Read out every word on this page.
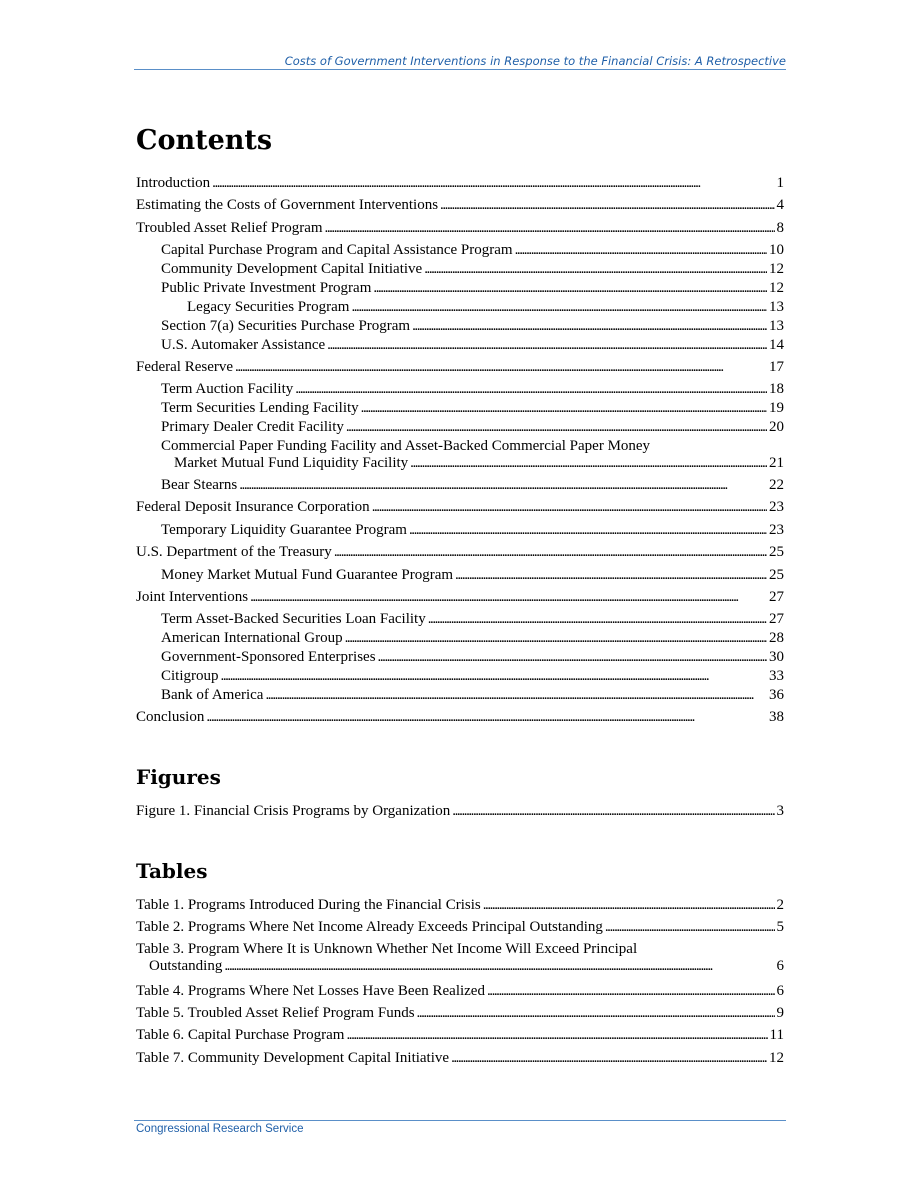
Costs of Government Interventions in Response to the Financial Crisis: A Retrospective
Contents
Introduction . . .	1
Estimating the Costs of Government Interventions . . .	4
Troubled Asset Relief Program . . .	8
Capital Purchase Program and Capital Assistance Program . . .	10
Community Development Capital Initiative . . .	12
Public Private Investment Program . . .	12
Legacy Securities Program . . .	13
Section 7(a) Securities Purchase Program . . .	13
U.S. Automaker Assistance . . .	14
Federal Reserve . . .	17
Term Auction Facility . . .	18
Term Securities Lending Facility . . .	19
Primary Dealer Credit Facility . . .	20
Commercial Paper Funding Facility and Asset-Backed Commercial Paper Money
Market Mutual Fund Liquidity Facility . . .	21
Bear Stearns . . .	22
Federal Deposit Insurance Corporation . . .	23
Temporary Liquidity Guarantee Program . . .	23
U.S. Department of the Treasury . . .	25
Money Market Mutual Fund Guarantee Program . . .	25
Joint Interventions . . .	27
Term Asset-Backed Securities Loan Facility . . .	27
American International Group . . .	28
Government-Sponsored Enterprises . . .	30
Citigroup . . .	33
Bank of America . . .	36
Conclusion . . .	38
Figures
Figure 1. Financial Crisis Programs by Organization . . .	3
Tables
Table 1. Programs Introduced During the Financial Crisis . . .	2
Table 2. Programs Where Net Income Already Exceeds Principal Outstanding . . .	5
Table 3. Program Where It is Unknown Whether Net Income Will Exceed Principal
Outstanding . . .	6
Table 4. Programs Where Net Losses Have Been Realized . . .	6
Table 5. Troubled Asset Relief Program Funds . . .	9
Table 6. Capital Purchase Program . . .	11
Table 7. Community Development Capital Initiative . . .	12
Congressional Research Service
